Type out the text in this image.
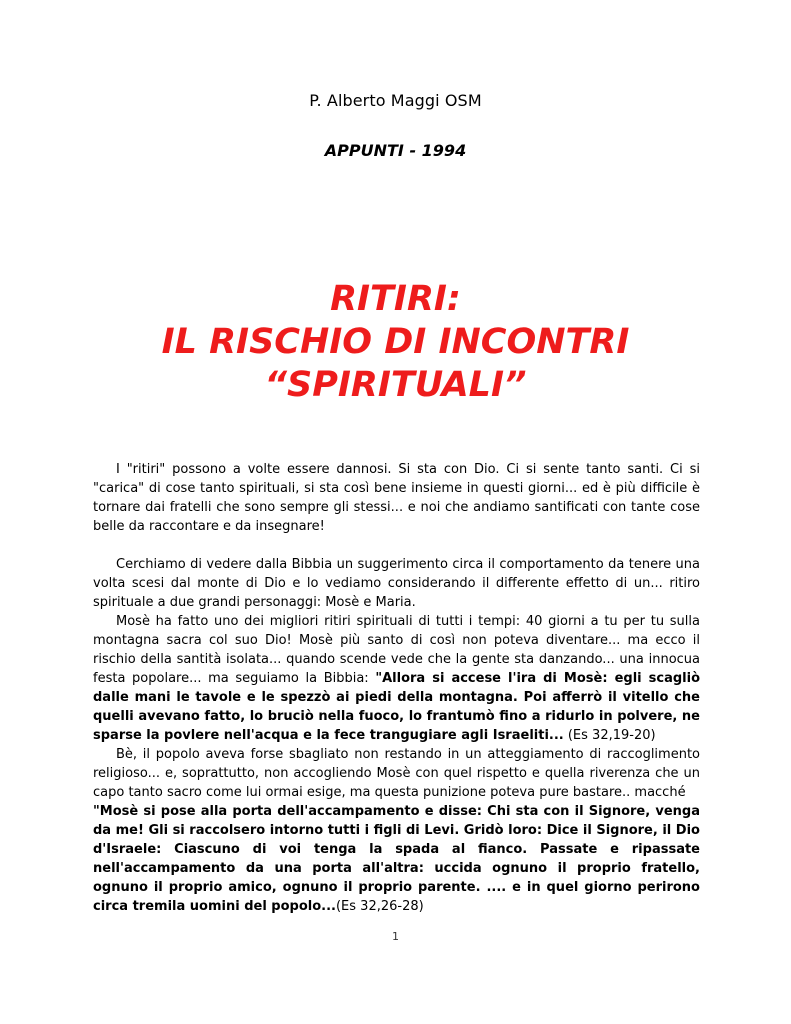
P. Alberto Maggi OSM
APPUNTI - 1994
RITIRI:
IL RISCHIO DI INCONTRI
“SPIRITUALI”

I "ritiri" possono a volte essere dannosi. Si sta con Dio. Ci si sente tanto santi. Ci si "carica" di cose tanto spirituali, si sta così bene insieme in questi giorni... ed è più difficile è tornare dai fratelli che sono sempre gli stessi... e noi che andiamo santificati con tante cose belle da raccontare e da insegnare!

Cerchiamo di vedere dalla Bibbia un suggerimento circa il comportamento da tenere una volta scesi dal monte di Dio e lo vediamo considerando il differente effetto di un... ritiro spirituale a due grandi personaggi: Mosè e Maria.

Mosè ha fatto uno dei migliori ritiri spirituali di tutti i tempi: 40 giorni a tu per tu sulla montagna sacra col suo Dio! Mosè più santo di così non poteva diventare... ma ecco il rischio della santità isolata... quando scende vede che la gente sta danzando... una innocua festa popolare... ma seguiamo la Bibbia: "Allora si accese l'ira di Mosè: egli scagliò dalle mani le tavole e le spezzò ai piedi della montagna. Poi afferrò il vitello che quelli avevano fatto, lo bruciò nella fuoco, lo frantumò fino a ridurlo in polvere, ne sparse la povlere nell'acqua e la fece trangugiare agli Israeliti... (Es 32,19-20)

Bè, il popolo aveva forse sbagliato non restando in un atteggiamento di raccoglimento religioso... e, soprattutto, non accogliendo Mosè con quel rispetto e quella riverenza che un capo tanto sacro come lui ormai esige, ma questa punizione poteva pure bastare.. macché

"Mosè si pose alla porta dell'accampamento e disse: Chi sta con il Signore, venga da me! Gli si raccolsero intorno tutti i figli di Levi. Gridò loro: Dice il Signore, il Dio d'Israele: Ciascuno di voi tenga la spada al fianco. Passate e ripassate nell'accampamento da una porta all'altra: uccida ognuno il proprio fratello, ognuno il proprio amico, ognuno il proprio parente. .... e in quel giorno perirono circa tremila uomini del popolo...(Es 32,26-28)

1
